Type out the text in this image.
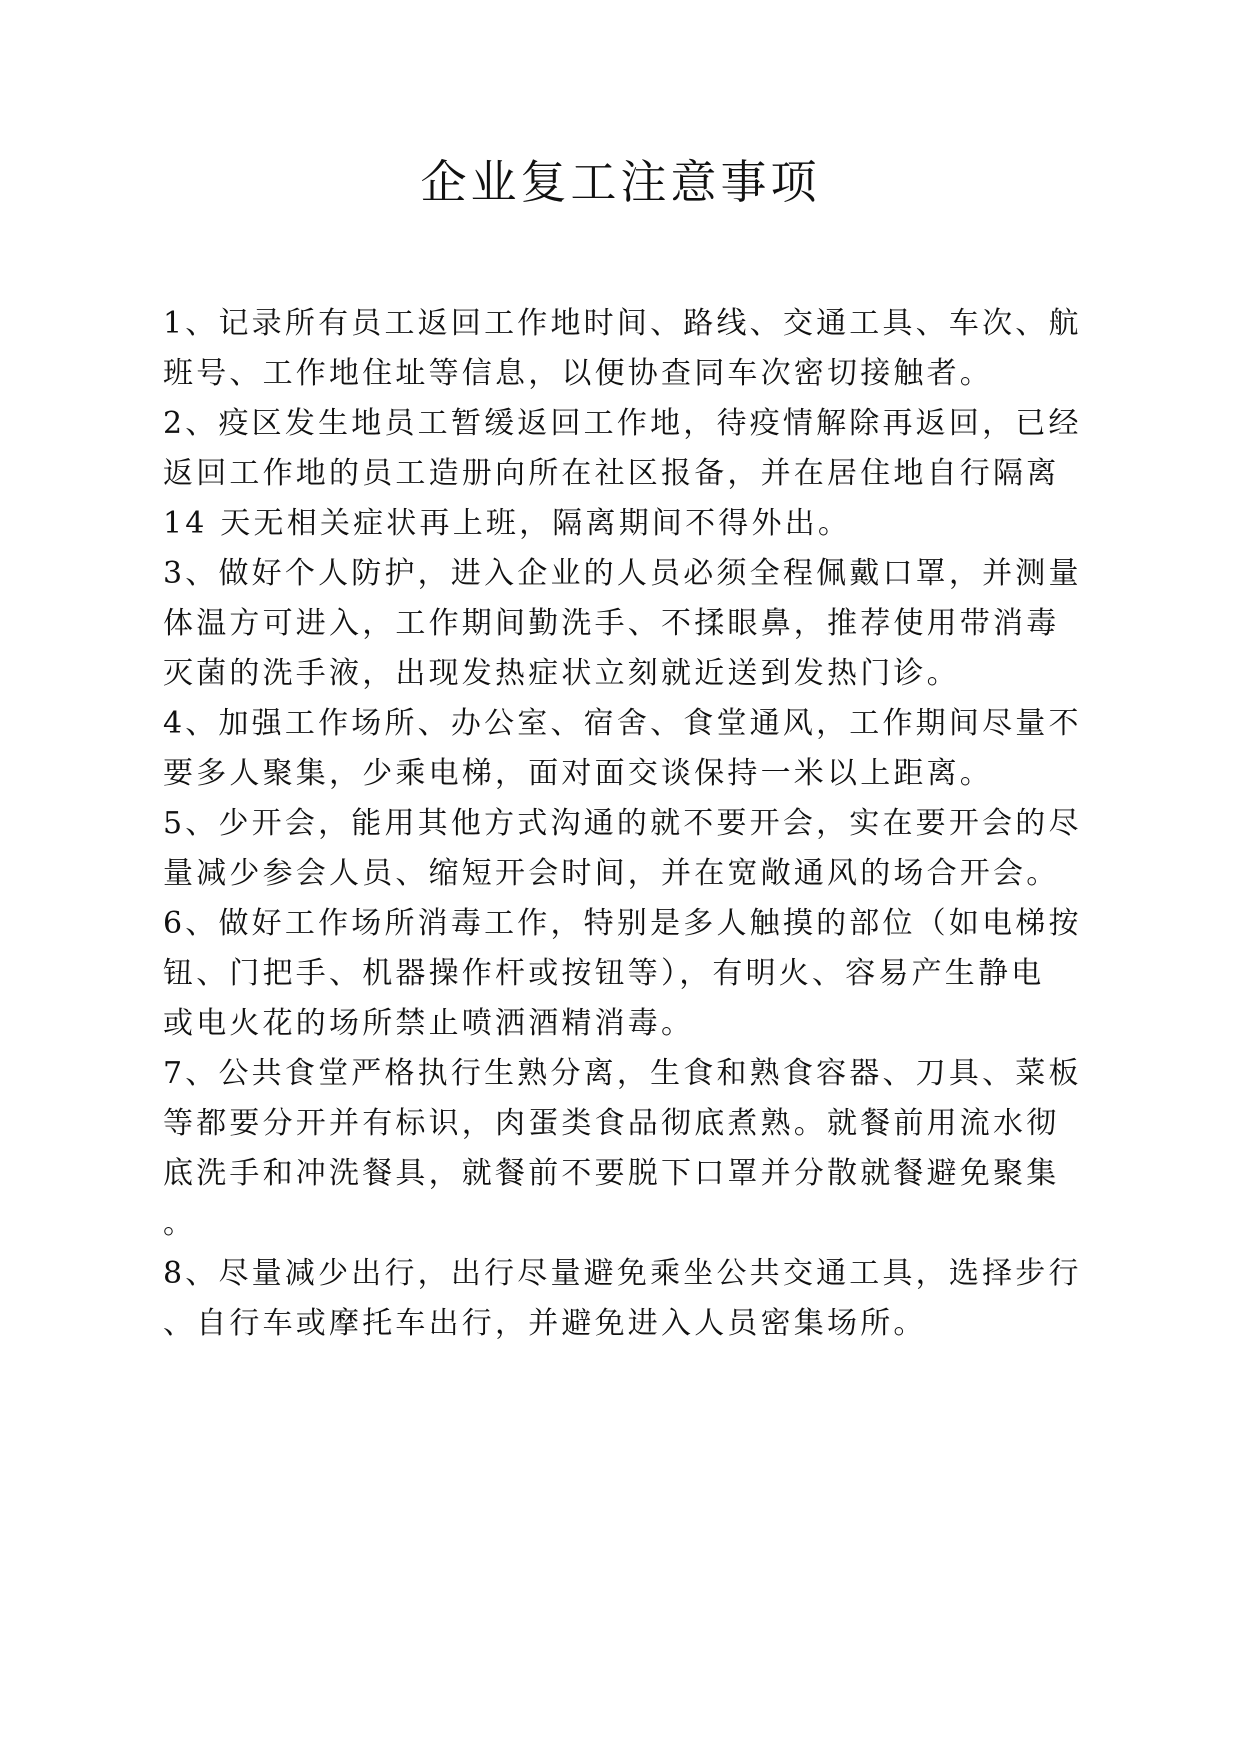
企业复工注意事项

1、记录所有员工返回工作地时间、路线、交通工具、车次、航
班号、工作地住址等信息，以便协查同车次密切接触者。

2、疫区发生地员工暂缓返回工作地，待疫情解除再返回，已经
返回工作地的员工造册向所在社区报备，并在居住地自行隔离
14 天无相关症状再上班，隔离期间不得外出。

3、做好个人防护，进入企业的人员必须全程佩戴口罩，并测量
体温方可进入，工作期间勤洗手、不揉眼鼻，推荐使用带消毒
灭菌的洗手液，出现发热症状立刻就近送到发热门诊。

4、加强工作场所、办公室、宿舍、食堂通风，工作期间尽量不
要多人聚集，少乘电梯，面对面交谈保持一米以上距离。

5、少开会，能用其他方式沟通的就不要开会，实在要开会的尽
量减少参会人员、缩短开会时间，并在宽敞通风的场合开会。

6、做好工作场所消毒工作，特别是多人触摸的部位（如电梯按
钮、门把手、机器操作杆或按钮等），有明火、容易产生静电
或电火花的场所禁止喷洒酒精消毒。

7、公共食堂严格执行生熟分离，生食和熟食容器、刀具、菜板
等都要分开并有标识，肉蛋类食品彻底煮熟。就餐前用流水彻
底洗手和冲洗餐具，就餐前不要脱下口罩并分散就餐避免聚集
。

8、尽量减少出行，出行尽量避免乘坐公共交通工具，选择步行
、自行车或摩托车出行，并避免进入人员密集场所。
